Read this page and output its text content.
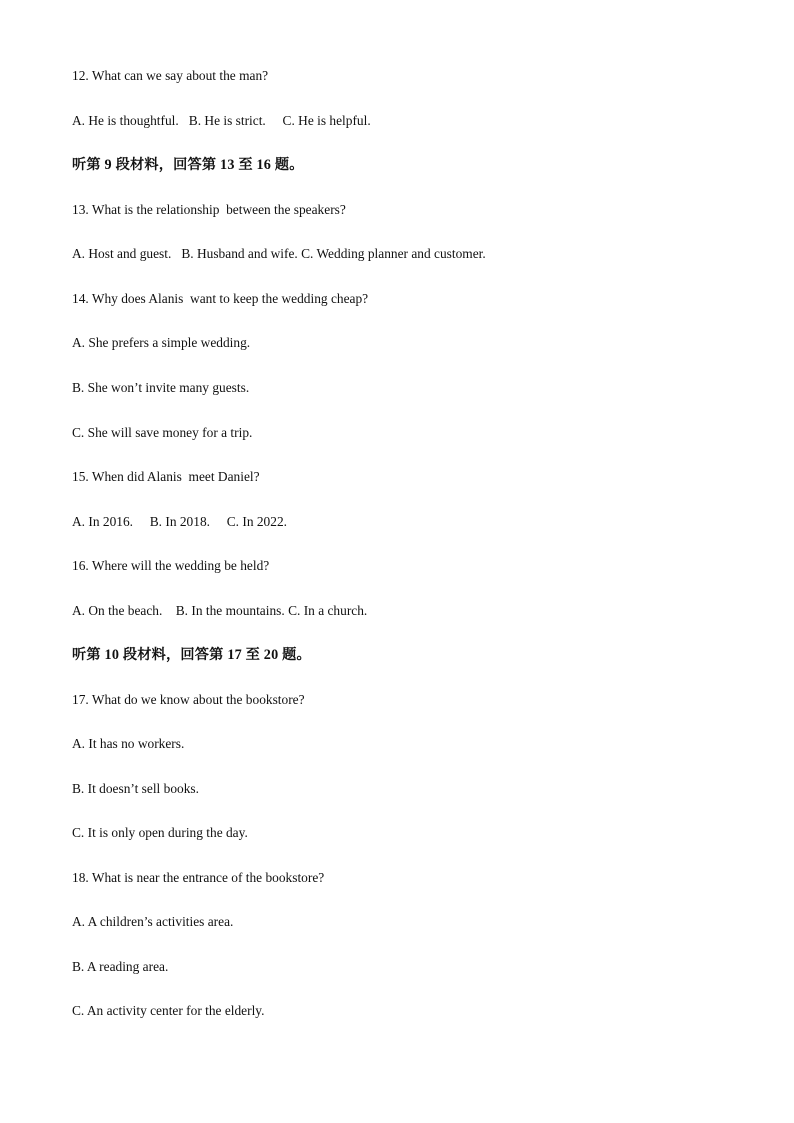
12. What can we say about the man?
A. He is thoughtful.   B. He is strict.     C. He is helpful.
听第 9 段材料，回答第 13 至 16 题。
13. What is the relationship  between the speakers?
A. Host and guest.   B. Husband and wife. C. Wedding planner and customer.
14. Why does Alanis  want to keep the wedding cheap?
A. She prefers a simple wedding.
B. She won’t invite many guests.
C. She will save money for a trip.
15. When did Alanis  meet Daniel?
A. In 2016.     B. In 2018.     C. In 2022.
16. Where will the wedding be held?
A. On the beach.    B. In the mountains. C. In a church.
听第 10 段材料，回答第 17 至 20 题。
17. What do we know about the bookstore?
A. It has no workers.
B. It doesn’t sell books.
C. It is only open during the day.
18. What is near the entrance of the bookstore?
A. A children’s activities area.
B. A reading area.
C. An activity center for the elderly.
